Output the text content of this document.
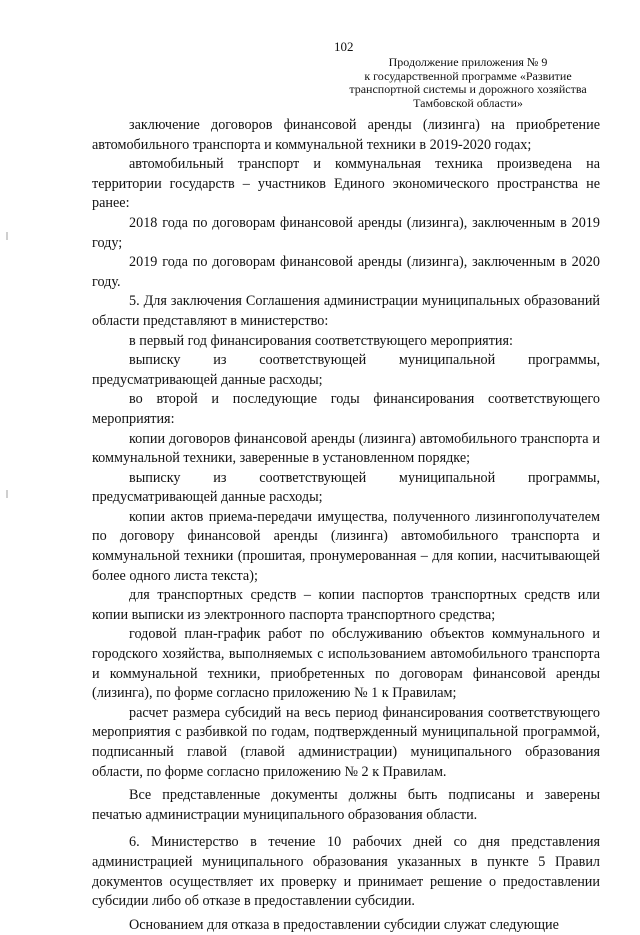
102
Продолжение приложения № 9
к государственной программе «Развитие
транспортной системы и дорожного хозяйства
Тамбовской области»

заключение договоров финансовой аренды (лизинга) на приобретение автомобильного транспорта и коммунальной техники в 2019-2020 годах;

автомобильный транспорт и коммунальная техника произведена на территории государств – участников Единого экономического пространства не ранее:

2018 года по договорам финансовой аренды (лизинга), заключенным в 2019 году;

2019 года по договорам финансовой аренды (лизинга), заключенным в 2020 году.

5. Для заключения Соглашения администрации муниципальных образований области представляют в министерство:

в первый год финансирования соответствующего мероприятия:

выписку из соответствующей муниципальной программы, предусматривающей данные расходы;

во второй и последующие годы финансирования соответствующего мероприятия:

копии договоров финансовой аренды (лизинга) автомобильного транспорта и коммунальной техники, заверенные в установленном порядке;

выписку из соответствующей муниципальной программы, предусматривающей данные расходы;

копии актов приема-передачи имущества, полученного лизингополучателем по договору финансовой аренды (лизинга) автомобильного транспорта и коммунальной техники (прошитая, пронумерованная – для копии, насчитывающей более одного листа текста);

для транспортных средств – копии паспортов транспортных средств или копии выписки из электронного паспорта транспортного средства;

годовой план-график работ по обслуживанию объектов коммунального и городского хозяйства, выполняемых с использованием автомобильного транспорта и коммунальной техники, приобретенных по договорам финансовой аренды (лизинга), по форме согласно приложению № 1 к Правилам;

расчет размера субсидий на весь период финансирования соответствующего мероприятия с разбивкой по годам, подтвержденный муниципальной программой, подписанный главой (главой администрации) муниципального образования области, по форме согласно приложению № 2 к Правилам.

Все представленные документы должны быть подписаны и заверены печатью администрации муниципального образования области.

6. Министерство в течение 10 рабочих дней со дня представления администрацией муниципального образования указанных в пункте 5 Правил документов осуществляет их проверку и принимает решение о предоставлении субсидии либо об отказе в предоставлении субсидии.

Основанием для отказа в предоставлении субсидии служат следующие
